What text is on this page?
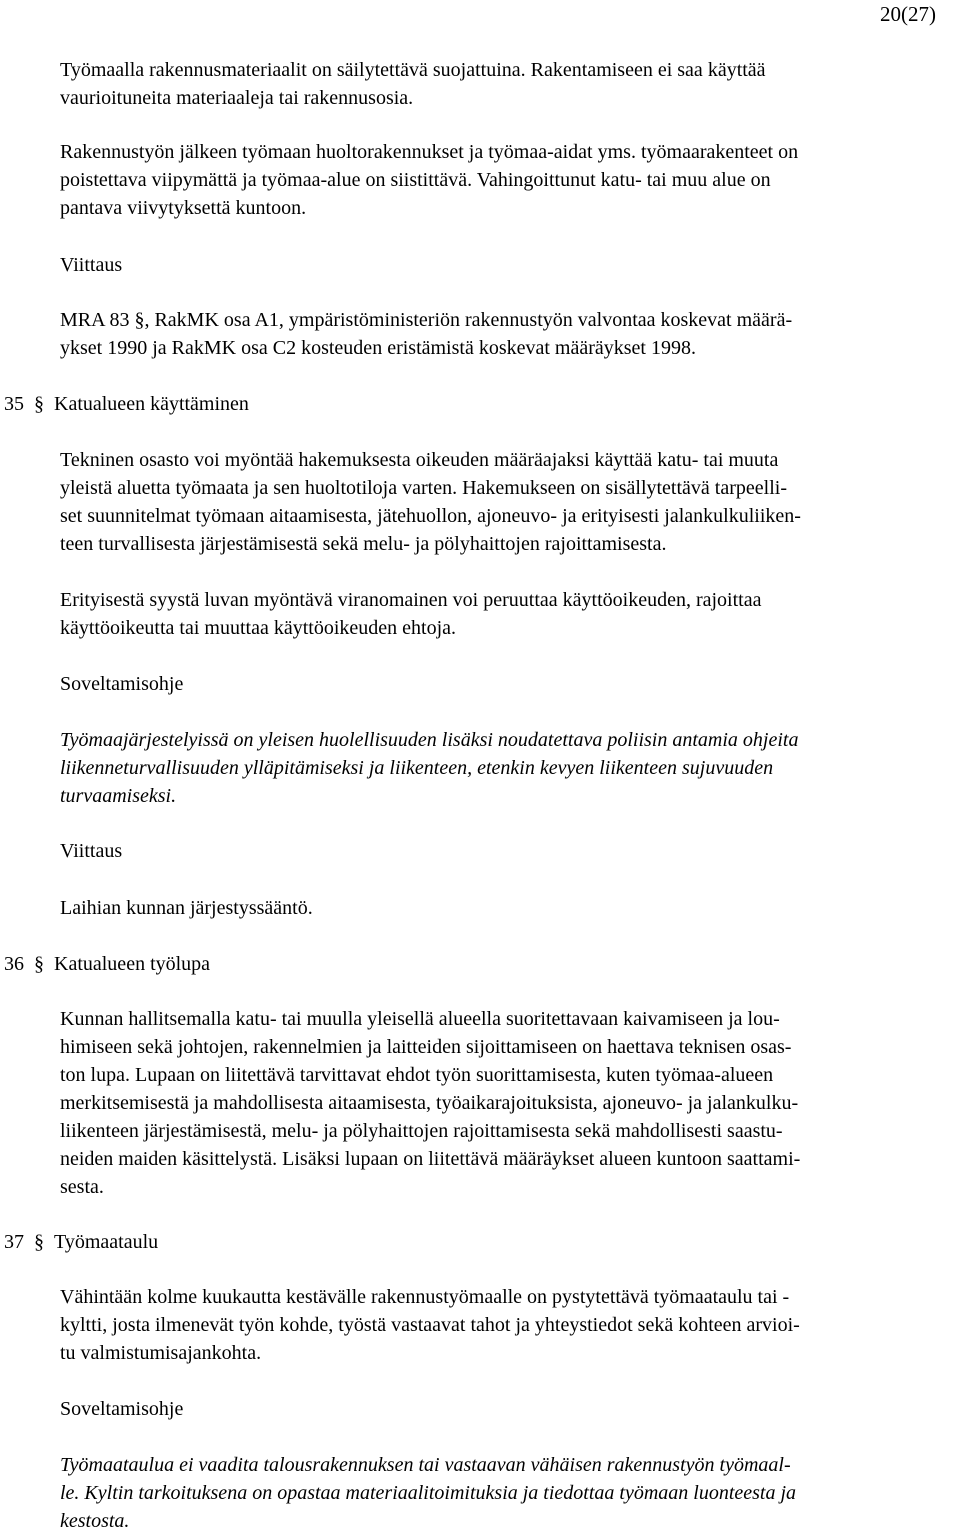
20(27)
Työmaalla rakennusmateriaalit on säilytettävä suojattuina. Rakentamiseen ei saa käyttää
vaurioituneita materiaaleja tai rakennusosia.
Rakennustyön jälkeen työmaan huoltorakennukset ja työmaa-aidat yms. työmaarakenteet on
poistettava viipymättä ja työmaa-alue on siistittävä. Vahingoittunut katu- tai muu alue on
pantava viivytyksettä kuntoon.
Viittaus
MRA 83 §, RakMK osa A1, ympäristöministeriön rakennustyön valvontaa koskevat määrä-
ykset 1990 ja RakMK osa C2 kosteuden eristämistä koskevat määräykset 1998.
35 § Katualueen käyttäminen
Tekninen osasto voi myöntää hakemuksesta oikeuden määräajaksi käyttää katu- tai muuta
yleistä aluetta työmaata ja sen huoltotiloja varten. Hakemukseen on sisällytettävä tarpeelli-
set suunnitelmat työmaan aitaamisesta, jätehuollon, ajoneuvo- ja erityisesti jalankulkuliiken-
teen turvallisesta järjestämisestä sekä melu- ja pölyhaittojen rajoittamisesta.
Erityisestä syystä luvan myöntävä viranomainen voi peruuttaa käyttöoikeuden, rajoittaa
käyttöoikeutta tai muuttaa käyttöoikeuden ehtoja.
Soveltamisohje
Työmaajärjestelyissä on yleisen huolellisuuden lisäksi noudatettava poliisin antamia ohjeita
liikenneturvallisuuden ylläpitämiseksi ja liikenteen, etenkin kevyen liikenteen sujuvuuden
turvaamiseksi.
Viittaus
Laihian kunnan järjestyssääntö.
36 § Katualueen työlupa
Kunnan hallitsemalla katu- tai muulla yleisellä alueella suoritettavaan kaivamiseen ja lou-
himiseen sekä johtojen, rakennelmien ja laitteiden sijoittamiseen on haettava teknisen osas-
ton lupa. Lupaan on liitettävä tarvittavat ehdot työn suorittamisesta, kuten työmaa-alueen
merkitsemisestä ja mahdollisesta aitaamisesta, työaikarajoituksista, ajoneuvo- ja jalankulku-
liikenteen järjestämisestä, melu- ja pölyhaittojen rajoittamisesta sekä mahdollisesti saastu-
neiden maiden käsittelystä. Lisäksi lupaan on liitettävä määräykset alueen kuntoon saattami-
sesta.
37 § Työmaataulu
Vähintään kolme kuukautta kestävälle rakennustyömaalle on pystytettävä työmaataulu tai -
kyltti, josta ilmenevät työn kohde, työstä vastaavat tahot ja yhteystiedot sekä kohteen arvioi-
tu valmistumisajankohta.
Soveltamisohje
Työmaataulua ei vaadita talousrakennuksen tai vastaavan vähäisen rakennustyön työmaal-
le. Kyltin tarkoituksena on opastaa materiaalitoimituksia ja tiedottaa työmaan luonteesta ja
kestosta.
